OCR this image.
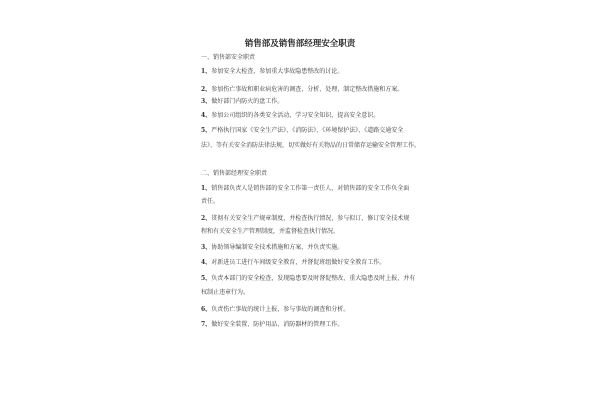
销售部及销售部经理安全职责
一、销售部安全职责
1、参加安全大检查，参加重大事故隐患整改的讨论。
2、参加伤亡事故和职业病危害的调查、分析、处理，制定整改措施和方案。
3、做好部门内防火的盘工作。
4、参加公司组织的各类安全活动，学习安全知识，提高安全意识。
5、严格执行国家《安全生产法》、《消防法》、《环境保护法》、《道路交通安全
法》、等有关安全消防法律法规，切实做好有关物品的日常储存运输安全管理工作。
二、销售部经理安全职责
1、销售部负责人是销售部的安全工作第一责任人，对销售部的安全工作负全面
责任。
2、贯彻有关安全生产规章制度，并检查执行情况，参与拟订、修订安全技术规
程和有关安全生产管理制度，并监督检查执行情况。
3、协助领导编制安全技术措施和方案，并负责实施。
4、对新进员工进行车间级安全教育，并督促班组做好安全教育工作。
5、负责本部门的安全检查，发现隐患要及时督促整改，重大隐患及时上报，并有
权制止违章行为。
6、负责伤亡事故的统计上报，参与事故的调查和分析。
7、做好安全装置、防护用品、消防器材的管理工作。
